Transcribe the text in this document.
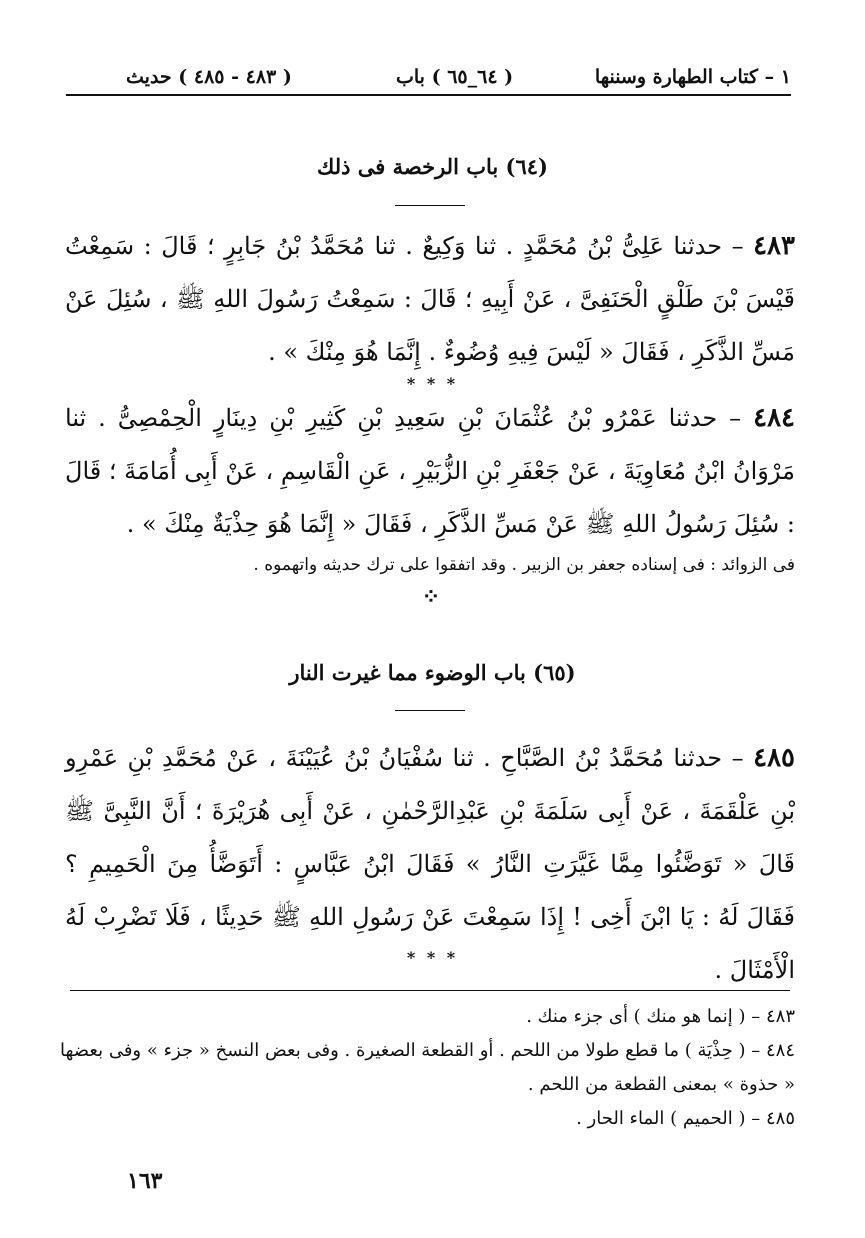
١ – كتاب الطهارة وسننها
( ٦٤_٦٥ ) باب
( ٤٨٣ - ٤٨٥ ) حديث
(٦٤) باب الرخصة فى ذلك
٤٨٣ – حدثنا عَلِىُّ بْنُ مُحَمَّدٍ . ثنا وَكِيعٌ . ثنا مُحَمَّدُ بْنُ جَابِرٍ ؛ قَالَ : سَمِعْتُ قَيْسَ بْنَ طَلْقٍ الْحَنَفِىَّ ، عَنْ أَبِيهِ ؛ قَالَ : سَمِعْتُ رَسُولَ اللهِ ﷺ ، سُئِلَ عَنْ مَسِّ الذَّكَرِ ، فَقَالَ « لَيْسَ فِيهِ وُضُوءٌ . إِنَّمَا هُوَ مِنْكَ » .
* * *
٤٨٤ – حدثنا عَمْرُو بْنُ عُثْمَانَ بْنِ سَعِيدِ بْنِ كَثِيرِ بْنِ دِينَارٍ الْحِمْصِىُّ . ثنا مَرْوَانُ ابْنُ مُعَاوِيَةَ ، عَنْ جَعْفَرِ بْنِ الزُّبَيْرِ ، عَنِ الْقَاسِمِ ، عَنْ أَبِى أُمَامَةَ ؛ قَالَ : سُئِلَ رَسُولُ اللهِ ﷺ عَنْ مَسِّ الذَّكَرِ ، فَقَالَ « إِنَّمَا هُوَ حِذْيَةٌ مِنْكَ » .
فى الزوائد : فى إسناده جعفر بن الزبير . وقد اتفقوا على ترك حديثه واتهموه .
⁘
(٦٥) باب الوضوء مما غيرت النار
٤٨٥ – حدثنا مُحَمَّدُ بْنُ الصَّبَّاحِ . ثنا سُفْيَانُ بْنُ عُيَيْنَةَ ، عَنْ مُحَمَّدِ بْنِ عَمْرِو بْنِ عَلْقَمَةَ ، عَنْ أَبِى سَلَمَةَ بْنِ عَبْدِالرَّحْمٰنِ ، عَنْ أَبِى هُرَيْرَةَ ؛ أَنَّ النَّبِىَّ ﷺ قَالَ « تَوَضَّئُوا مِمَّا غَيَّرَتِ النَّارُ » فَقَالَ ابْنُ عَبَّاسٍ : أَتَوَضَّأُ مِنَ الْحَمِيمِ ؟ فَقَالَ لَهُ : يَا ابْنَ أَخِى ! إِذَا سَمِعْتَ عَنْ رَسُولِ اللهِ ﷺ حَدِيثًا ، فَلَا تَضْرِبْ لَهُ الْأَمْثَالَ .
* * *
٤٨٣ – ( إنما هو منك ) أى جزء منك .
٤٨٤ – ( حِذْيَة ) ما قطع طولا من اللحم . أو القطعة الصغيرة . وفى بعض النسخ « جزء » وفى بعضها « حذوة » بمعنى القطعة من اللحم .
٤٨٥ – ( الحميم ) الماء الحار .
١٦٣
